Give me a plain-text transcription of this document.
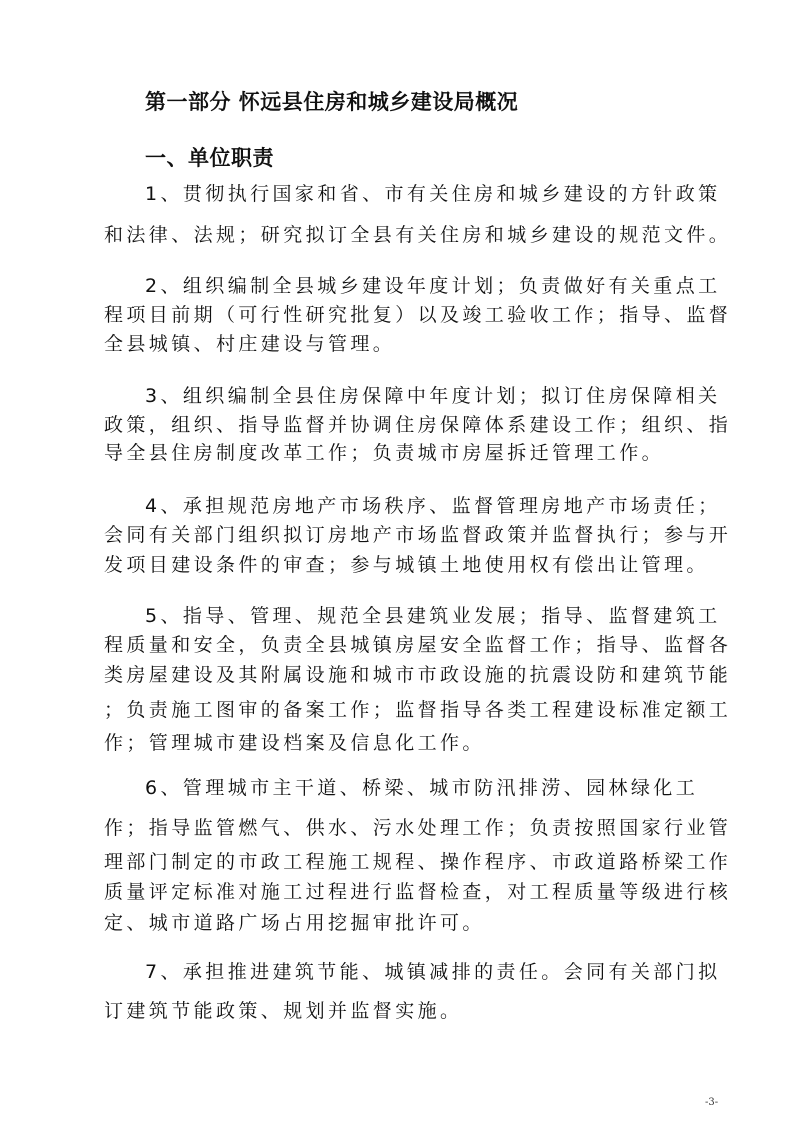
第一部分 怀远县住房和城乡建设局概况
一、单位职责
1、贯彻执行国家和省、市有关住房和城乡建设的方针政策
和法律、法规；研究拟订全县有关住房和城乡建设的规范文件。
2、组织编制全县城乡建设年度计划；负责做好有关重点工
程项目前期（可行性研究批复）以及竣工验收工作；指导、监督
全县城镇、村庄建设与管理。
3、组织编制全县住房保障中年度计划；拟订住房保障相关
政策，组织、指导监督并协调住房保障体系建设工作；组织、指
导全县住房制度改革工作；负责城市房屋拆迁管理工作。
4、承担规范房地产市场秩序、监督管理房地产市场责任；
会同有关部门组织拟订房地产市场监督政策并监督执行；参与开
发项目建设条件的审查；参与城镇土地使用权有偿出让管理。
5、指导、管理、规范全县建筑业发展；指导、监督建筑工
程质量和安全，负责全县城镇房屋安全监督工作；指导、监督各
类房屋建设及其附属设施和城市市政设施的抗震设防和建筑节能
；负责施工图审的备案工作；监督指导各类工程建设标准定额工
作；管理城市建设档案及信息化工作。
6、管理城市主干道、桥梁、城市防汛排涝、园林绿化工
作；指导监管燃气、供水、污水处理工作；负责按照国家行业管
理部门制定的市政工程施工规程、操作程序、市政道路桥梁工作
质量评定标准对施工过程进行监督检查，对工程质量等级进行核
定、城市道路广场占用挖掘审批许可。
7、承担推进建筑节能、城镇减排的责任。会同有关部门拟
订建筑节能政策、规划并监督实施。
-3-
